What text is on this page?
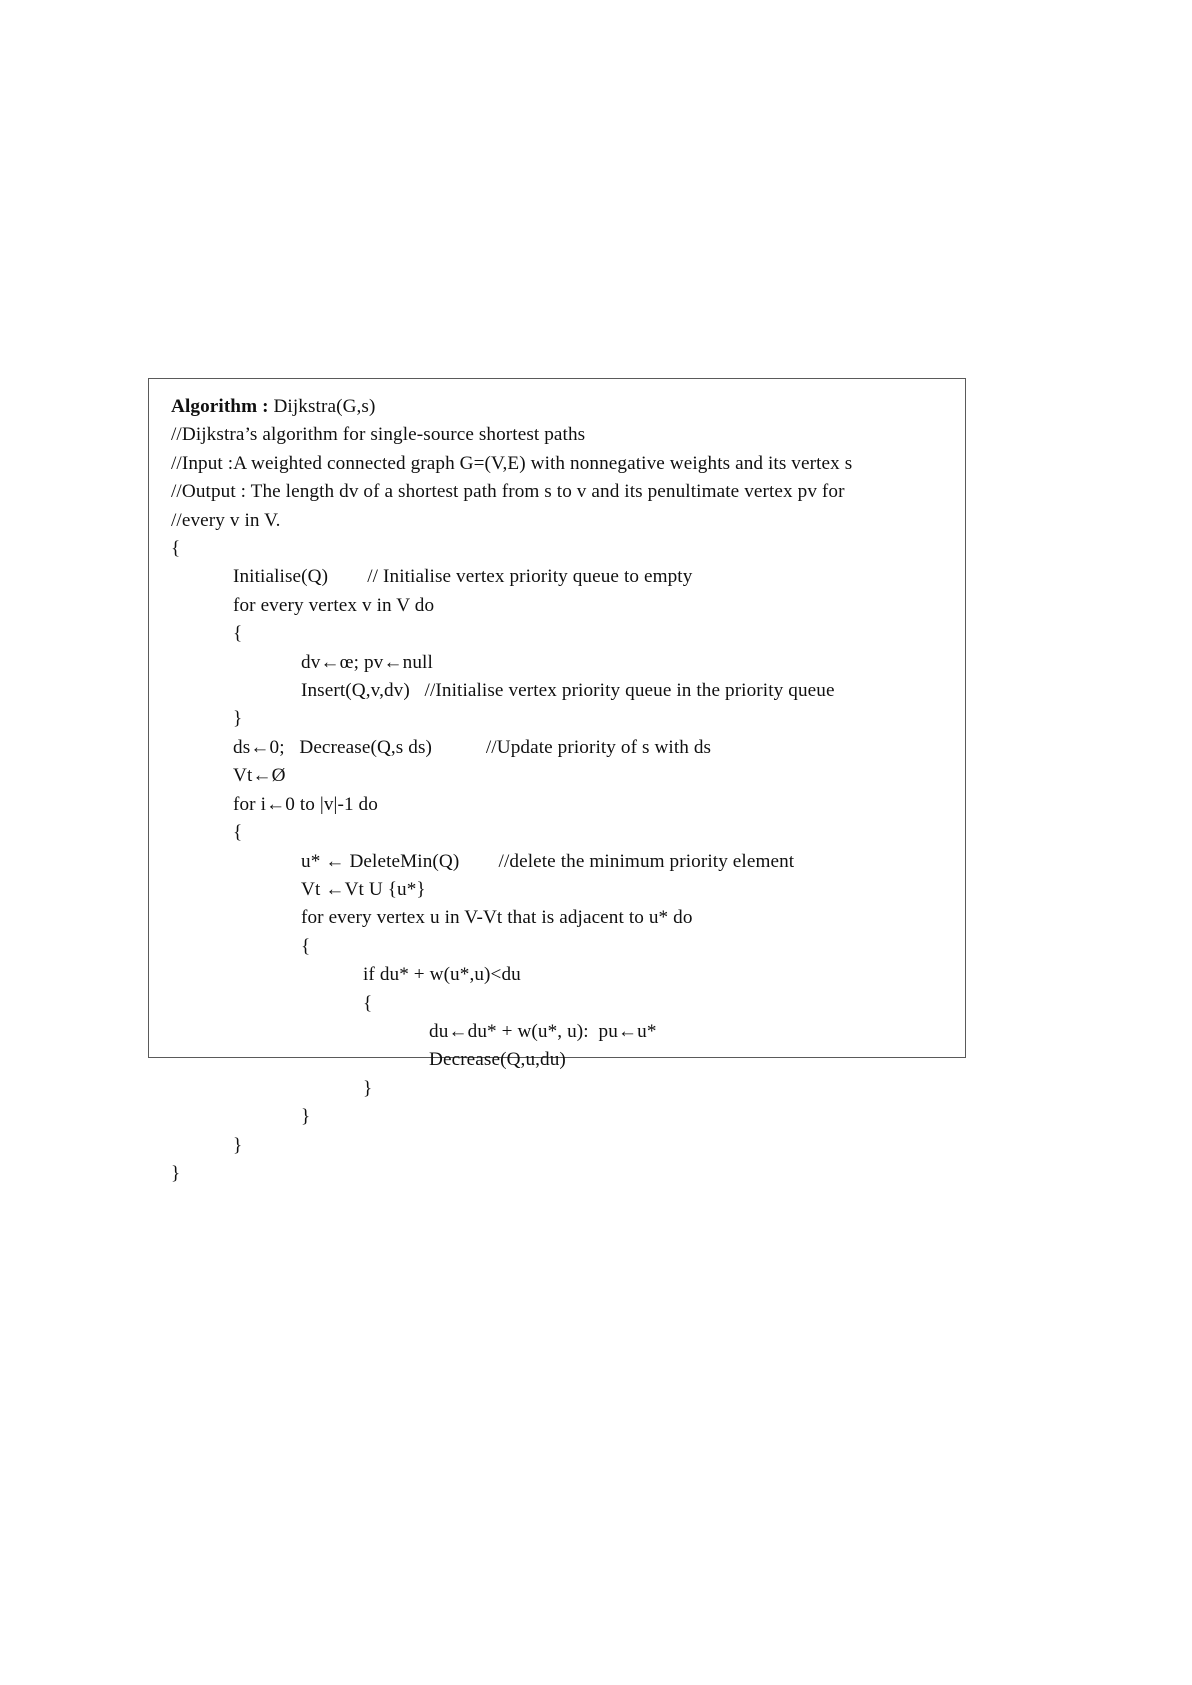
Algorithm : Dijkstra(G,s)
//Dijkstra’s algorithm for single-source shortest paths
//Input :A weighted connected graph G=(V,E) with nonnegative weights and its vertex s
//Output : The length dv of a shortest path from s to v and its penultimate vertex pv for
//every v in V.
{
Initialise(Q)        // Initialise vertex priority queue to empty
for every vertex v in V do
{
dv←œ; pv←null
Insert(Q,v,dv)   //Initialise vertex priority queue in the priority queue
}
ds←0;   Decrease(Q,s ds)           //Update priority of s with ds
Vt←Ø
for i←0 to |v|-1 do
{
u* ← DeleteMin(Q)        //delete the minimum priority element
Vt ←Vt U {u*}
for every vertex u in V-Vt that is adjacent to u* do
{
if du* + w(u*,u)<du
{
du←du* + w(u*, u):  pu←u*
Decrease(Q,u,du)
}
}
}
}
